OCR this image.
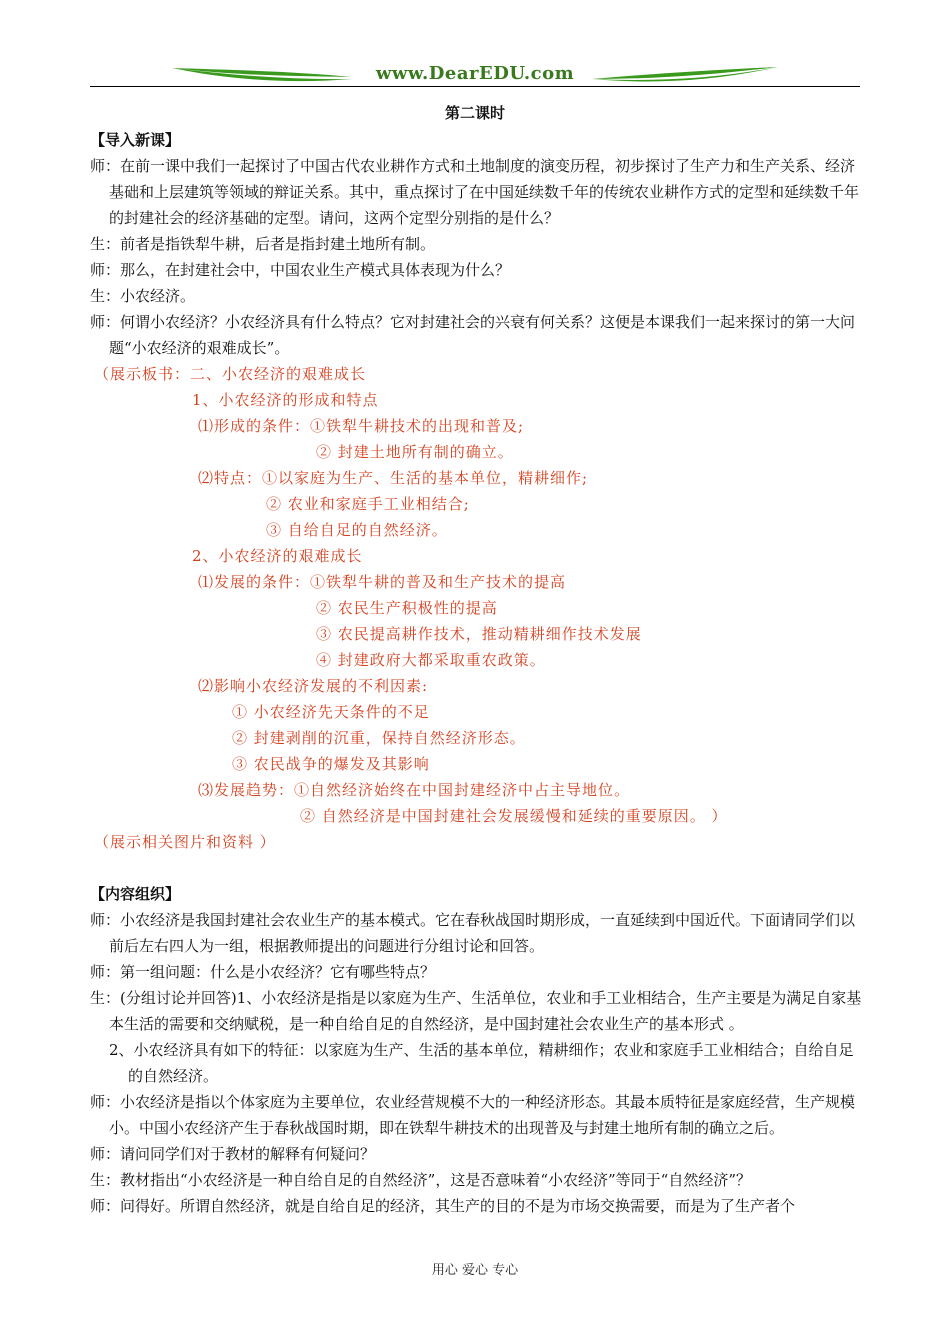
www.DearEDU.com
第二课时

【导入新课】

师：在前一课中我们一起探讨了中国古代农业耕作方式和土地制度的演变历程，初步探讨了生产力和生产关系、经济基础和上层建筑等领域的辩证关系。其中，重点探讨了在中国延续数千年的传统农业耕作方式的定型和延续数千年的封建社会的经济基础的定型。请问，这两个定型分别指的是什么？

生：前者是指铁犁牛耕，后者是指封建土地所有制。

师：那么，在封建社会中，中国农业生产模式具体表现为什么？

生：小农经济。

师：何谓小农经济？小农经济具有什么特点？它对封建社会的兴衰有何关系？这便是本课我们一起来探讨的第一大问题“小农经济的艰难成长”。

（展示板书：二、小农经济的艰难成长

1、小农经济的形成和特点

⑴形成的条件：①铁犁牛耕技术的出现和普及;

② 封建土地所有制的确立。

⑵特点：①以家庭为生产、生活的基本单位，精耕细作;

② 农业和家庭手工业相结合;

③ 自给自足的自然经济。

2、小农经济的艰难成长

⑴发展的条件：①铁犁牛耕的普及和生产技术的提高

② 农民生产积极性的提高

③ 农民提高耕作技术，推动精耕细作技术发展

④ 封建政府大都采取重农政策。

⑵影响小农经济发展的不利因素:

① 小农经济先天条件的不足

② 封建剥削的沉重，保持自然经济形态。

③ 农民战争的爆发及其影响

⑶发展趋势：①自然经济始终在中国封建经济中占主导地位。

② 自然经济是中国封建社会发展缓慢和延续的重要原因。 ）

（展示相关图片和资料 ）

【内容组织】

师：小农经济是我国封建社会农业生产的基本模式。它在春秋战国时期形成，一直延续到中国近代。下面请同学们以前后左右四人为一组，根据教师提出的问题进行分组讨论和回答。

师：第一组问题：什么是小农经济？它有哪些特点？

生：(分组讨论并回答)1、小农经济是指是以家庭为生产、生活单位，农业和手工业相结合，生产主要是为满足自家基本生活的需要和交纳赋税，是一种自给自足的自然经济，是中国封建社会农业生产的基本形式 。

2、小农经济具有如下的特征：以家庭为生产、生活的基本单位，精耕细作；农业和家庭手工业相结合；自给自足的自然经济。

师：小农经济是指以个体家庭为主要单位，农业经营规模不大的一种经济形态。其最本质特征是家庭经营，生产规模小。中国小农经济产生于春秋战国时期，即在铁犁牛耕技术的出现普及与封建土地所有制的确立之后。

师：请问同学们对于教材的解释有何疑问？

生：教材指出“小农经济是一种自给自足的自然经济”，这是否意味着“小农经济”等同于“自然经济”？

师：问得好。所谓自然经济，就是自给自足的经济，其生产的目的不是为市场交换需要，而是为了生产者个

用心 爱心 专心
